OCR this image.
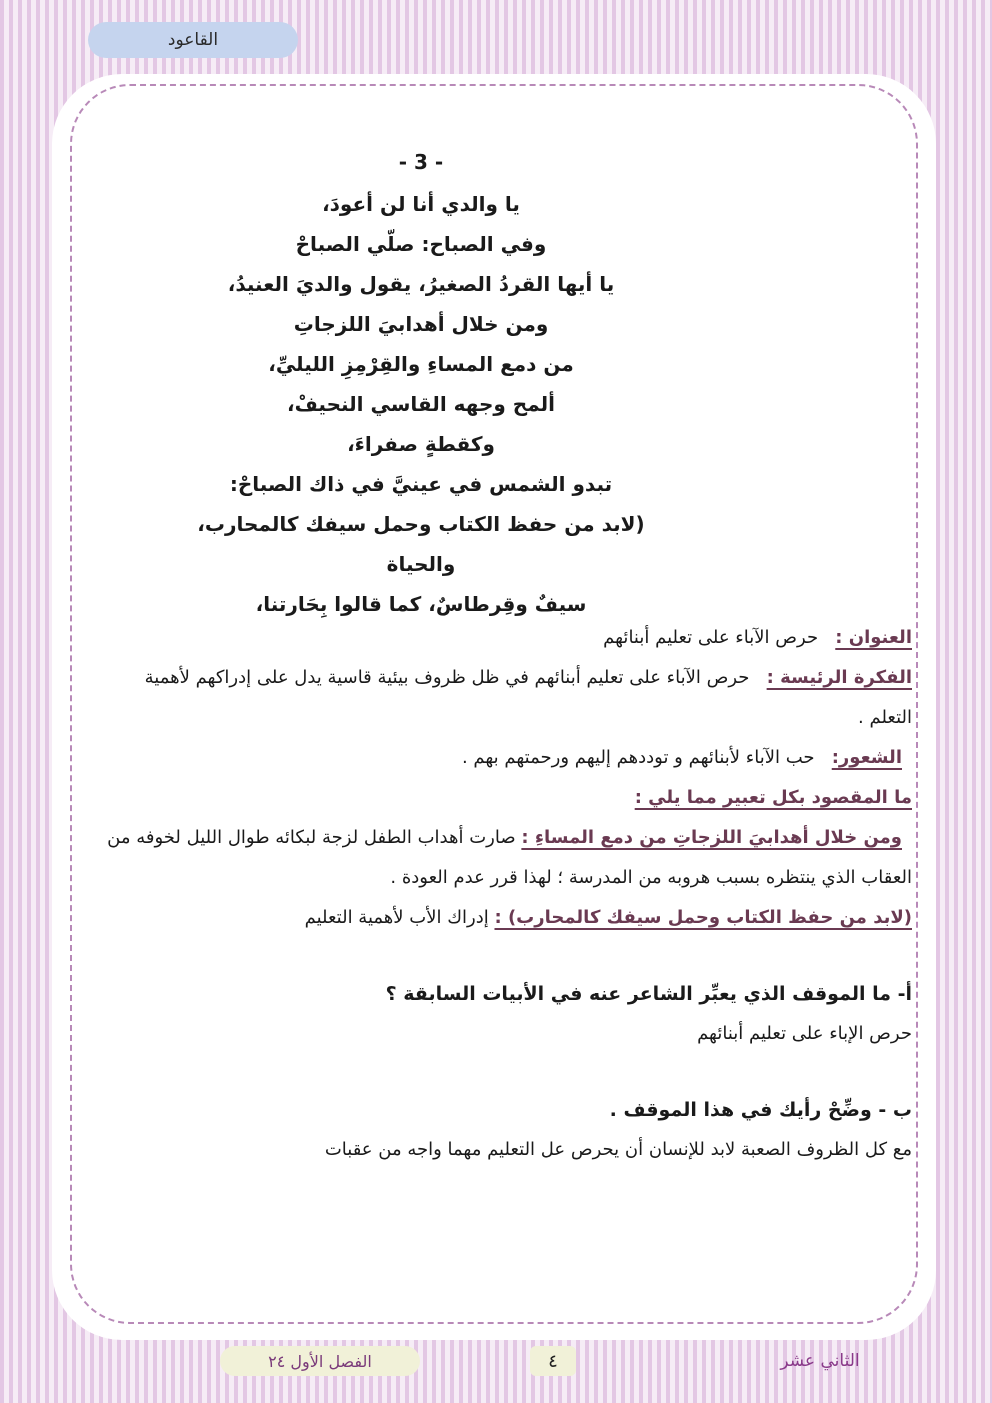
القاعود
- 3 -
يا والدي أنا لن أعودَ،
وفي الصباح: صلّي الصباحْ
يا أيها القردُ الصغيرُ، يقول والديَ العنيدُ،
ومن خلال أهدابيَ اللزجاتِ
من دمع المساءِ والقِرْمِزِ الليليِّ،
ألمح وجهه القاسي النحيفْ،
وكقطةٍ صفراءَ،
تبدو الشمس في عينيَّ في ذاك الصباحْ:
(لابد من حفظ الكتاب وحمل سيفك كالمحارب،
والحياة
سيفٌ وقِرطاسٌ، كما قالوا بِحَارتنا،

العنوان :   حرص الآباء على تعليم أبنائهم

الفكرة الرئيسة :   حرص الآباء على تعليم أبنائهم في ظل ظروف بيئية قاسية يدل على إدراكهم لأهمية التعلم .

الشعور:   حب الآباء لأبنائهم و توددهم إليهم ورحمتهم بهم .

ما المقصود بكل تعبير مما يلي :

ومن خلال أهدابيَ اللزجاتِ من دمع المساءِ : صارت أهداب الطفل لزجة لبكائه طوال الليل لخوفه من العقاب الذي ينتظره بسبب هروبه من المدرسة ؛ لهذا قرر عدم العودة .

(لابد من حفظ الكتاب وحمل سيفك كالمحارب) : إدراك الأب لأهمية التعليم

أ- ما الموقف الذي يعبِّر الشاعر عنه في الأبيات السابقة ؟

حرص الإباء على تعليم أبنائهم

ب - وضِّحْ رأيك في هذا الموقف .

مع كل الظروف الصعبة لابد للإنسان أن يحرص عل التعليم مهما واجه من عقبات

الفصل الأول ٢٤	٤	الثاني عشر
